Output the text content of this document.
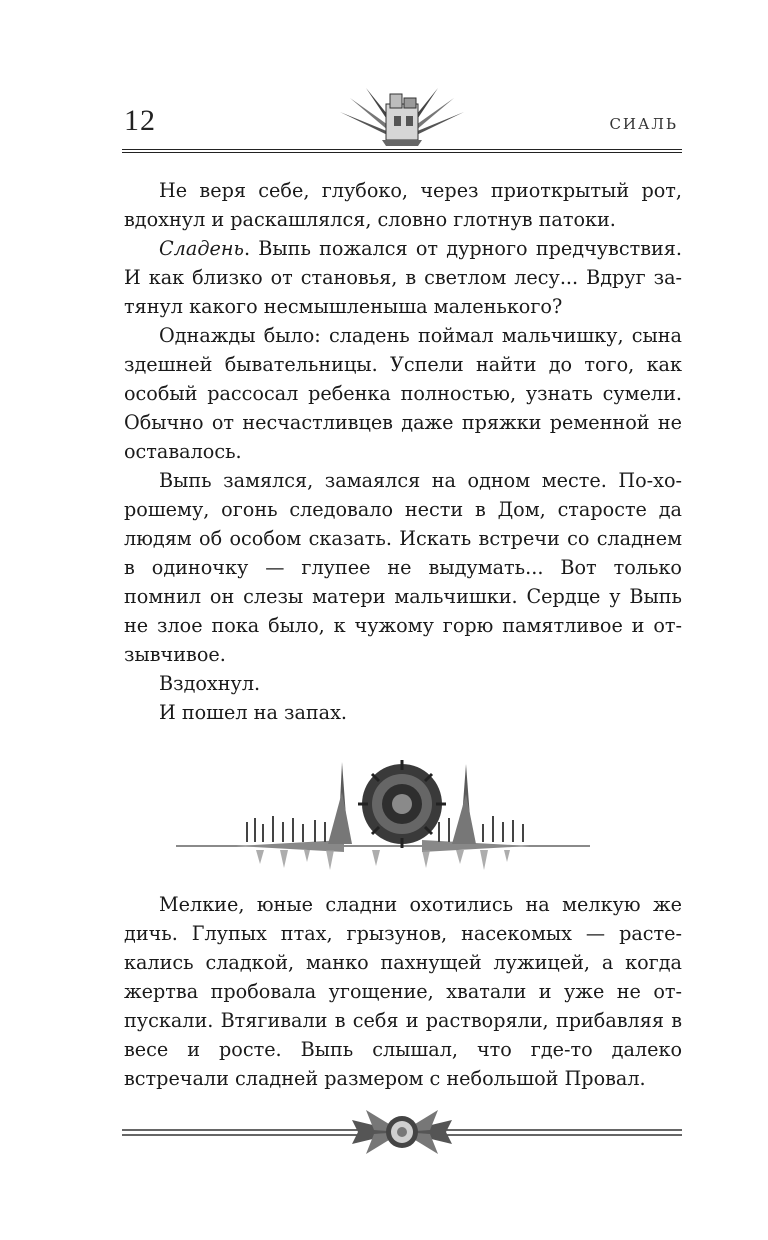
12	СИАЛЬ

Не веря себе, глубоко, через приоткрытый рот, вдохнул и раскашлялся, словно глотнув патоки.

Сладень. Выпь пожался от дурного предчувствия. И как близко от становья, в светлом лесу... Вдруг затянул какого несмышленыша маленького?

Однажды было: сладень поймал мальчишку, сына здешней бывательницы. Успели найти до того, как особый рассосал ребенка полностью, узнать сумели. Обычно от несчастливцев даже пряжки ременной не оставалось.

Выпь замялся, замаялся на одном месте. По-хорошему, огонь следовало нести в Дом, старосте да людям об особом сказать. Искать встречи со сладнем в одиночку — глупее не выдумать... Вот только помнил он слезы матери мальчишки. Сердце у Выпь не злое пока было, к чужому горю памятливое и отзывчивое.

Вздохнул.

И пошел на запах.

Мелкие, юные сладни охотились на мелкую же дичь. Глупых птах, грызунов, насекомых — растекались сладкой, манко пахнущей лужицей, а когда жертва пробовала угощение, хватали и уже не отпускали. Втягивали в себя и растворяли, прибавляя в весе и росте. Выпь слышал, что где-то далеко встречали сладней размером с небольшой Провал.
